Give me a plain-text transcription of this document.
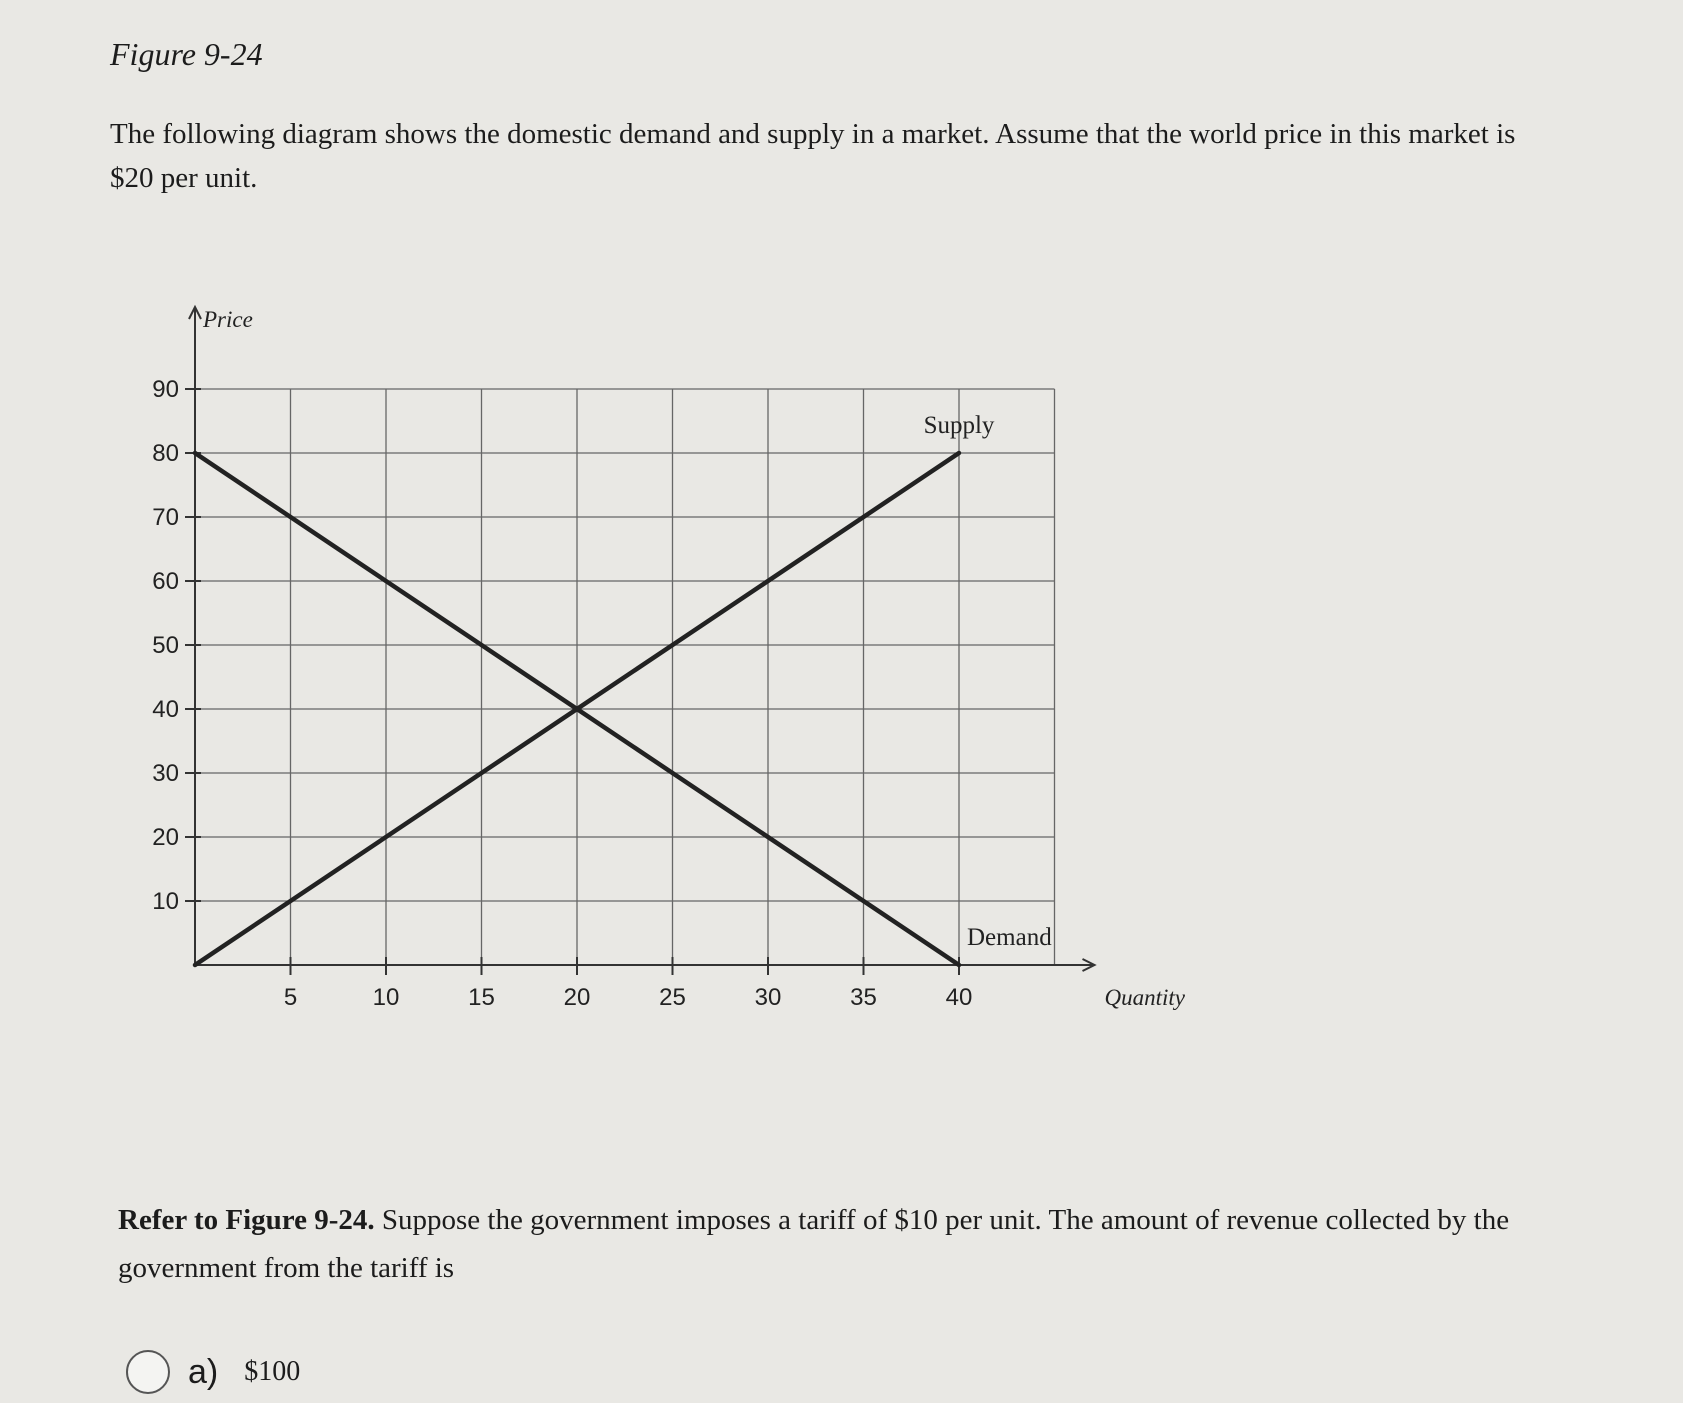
Figure 9-24
The following diagram shows the domestic demand and supply in a market. Assume that the world price in this market is $20 per unit.
10
20
30
40
50
60
70
80
90
5	10	15	20	25	30	35	40
Supply
Demand
Price
Quantity
Refer to Figure 9-24. Suppose the government imposes a tariff of $10 per unit. The amount of revenue collected by the government from the tariff is
a) $100
